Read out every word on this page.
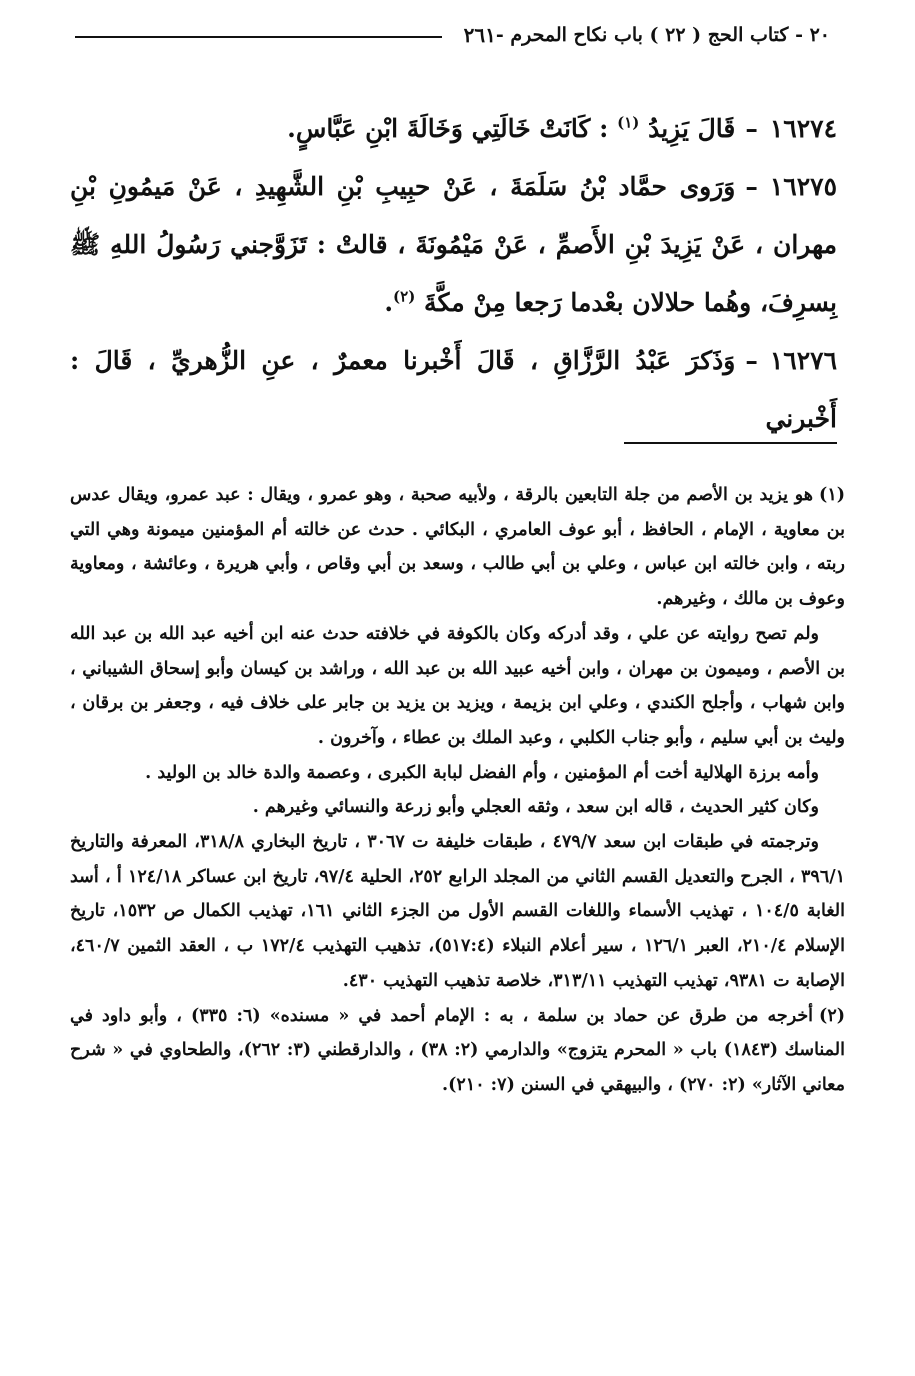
٢٠ - كتاب الحج ( ٢٢ ) باب نكاح المحرم -
٢٦١

١٦٢٧٤–قَالَ يَزِيدُ $^{(١)}$ : كَانَتْ خَالَتِي وَخَالَةَ ابْنِ عَبَّاسٍ.

١٦٢٧٥–وَرَوى حمَّاد بْنُ سَلَمَةَ ، عَنْ حبِيبِ بْنِ الشَّهِيدِ ، عَنْ مَيمُونِ بْنِ مهران ، عَنْ يَزِيدَ بْنِ الأَصمِّ ، عَنْ مَيْمُونَةَ ، قالتْ : تَزَوَّجني رَسُولُ اللهِ ﷺ بِسرِفَ، وهُما حلالان بعْدما رَجعا مِنْ مكَّةَ $^{(٢)}$.

١٦٢٧٦–وَذَكرَ عَبْدُ الرَّزَّاقِ ، قَالَ أَخْبرنا معمرٌ ، عنِ الزُّهريِّ ، قَالَ : أَخْبرني

(١)هو يزيد بن الأصم من جلة التابعين بالرقة ، ولأبيه صحبة ، وهو عمرو ، ويقال : عبد عمرو، ويقال عدس بن معاوية ، الإمام ، الحافظ ، أبو عوف العامري ، البكائي . حدث عن خالته أم المؤمنين ميمونة وهي التي ربته ، وابن خالته ابن عباس ، وعلي بن أبي طالب ، وسعد بن أبي وقاص ، وأبي هريرة ، وعائشة ، ومعاوية وعوف بن مالك ، وغيرهم.

ولم تصح روايته عن علي ، وقد أدركه وكان بالكوفة في خلافته حدث عنه ابن أخيه عبد الله بن عبد الله بن الأصم ، وميمون بن مهران ، وابن أخيه عبيد الله بن عبد الله ، وراشد بن كيسان وأبو إسحاق الشيباني ، وابن شهاب ، وأجلح الكندي ، وعلي ابن بزيمة ، ويزيد بن يزيد بن جابر على خلاف فيه ، وجعفر بن برقان ، وليث بن أبي سليم ، وأبو جناب الكلبي ، وعبد الملك بن عطاء ، وآخرون .

وأمه برزة الهلالية أخت أم المؤمنين ، وأم الفضل لبابة الكبرى ، وعصمة والدة خالد بن الوليد .

وكان كثير الحديث ، قاله ابن سعد ، وثقه العجلي وأبو زرعة والنسائي وغيرهم .

وترجمته في طبقات ابن سعد ٤٧٩/٧ ، طبقات خليفة ت ٣٠٦٧ ، تاريخ البخاري ٣١٨/٨، المعرفة والتاريخ ٣٩٦/١ ، الجرح والتعديل القسم الثاني من المجلد الرابع ٢٥٢، الحلية ٩٧/٤، تاريخ ابن عساكر ١٢٤/١٨ أ ، أسد الغابة ١٠٤/٥ ، تهذيب الأسماء واللغات القسم الأول من الجزء الثاني ١٦١، تهذيب الكمال ص ١٥٣٢، تاريخ الإسلام ٢١٠/٤، العبر ١٢٦/١ ، سير أعلام النبلاء (٥١٧:٤)، تذهيب التهذيب ١٧٢/٤ ب ، العقد الثمين ٤٦٠/٧، الإصابة ت ٩٣٨١، تهذيب التهذيب ٣١٣/١١، خلاصة تذهيب التهذيب ٤٣٠.

(٢)أخرجه من طرق عن حماد بن سلمة ، به : الإمام أحمد في « مسنده» (٦: ٣٣٥) ، وأبو داود في المناسك (١٨٤٣) باب « المحرم يتزوج» والدارمي (٢: ٣٨) ، والدارقطني (٣: ٢٦٢)، والطحاوي في « شرح معاني الآثار» (٢: ٢٧٠) ، والبيهقي في السنن (٧: ٢١٠).
